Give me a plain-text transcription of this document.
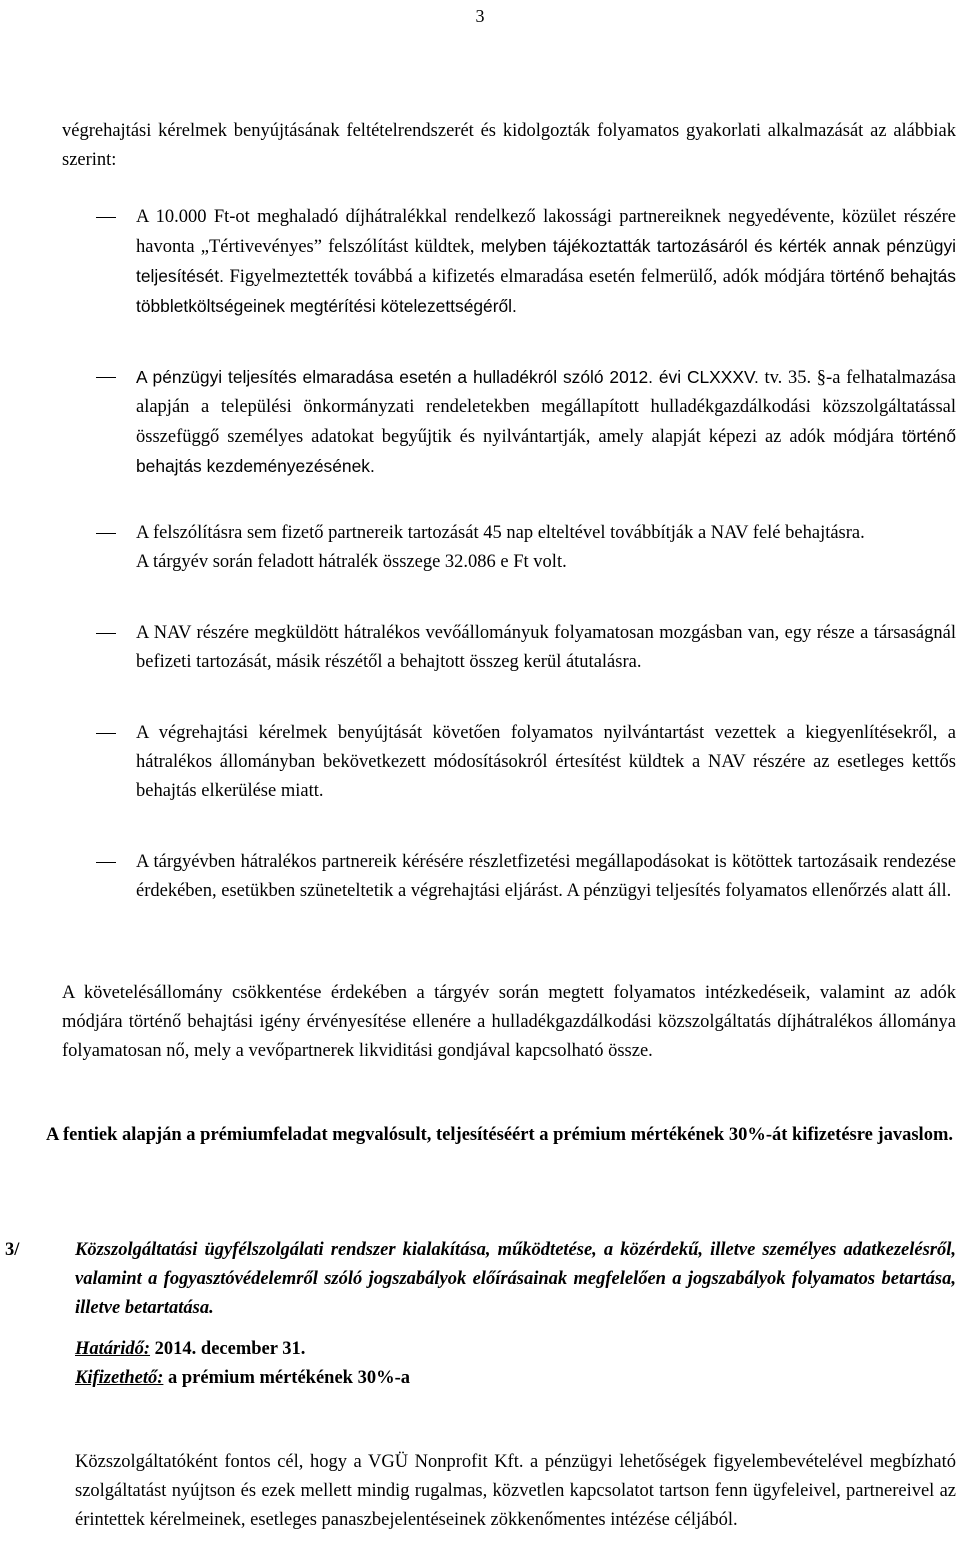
3
végrehajtási kérelmek benyújtásának feltételrendszerét és kidolgozták folyamatos gyakorlati alkalmazását az alábbiak szerint:
A 10.000 Ft-ot meghaladó díjhátralékkal rendelkező lakossági partnereiknek negyedévente, közület részére havonta „Tértivevényes” felszólítást küldtek, melyben tájékoztatták tartozásáról és kérték annak pénzügyi teljesítését. Figyelmeztették továbbá a kifizetés elmaradása esetén felmerülő, adók módjára történő behajtás többletköltségeinek megtérítési kötelezettségéről.
A pénzügyi teljesítés elmaradása esetén a hulladékról szóló 2012. évi CLXXXV. tv. 35. §-a felhatalmazása alapján a települési önkormányzati rendeletekben megállapított hulladékgazdálkodási közszolgáltatással összefüggő személyes adatokat begyűjtik és nyilvántartják, amely alapját képezi az adók módjára történő behajtás kezdeményezésének.
A felszólításra sem fizető partnereik tartozását 45 nap elteltével továbbítják a NAV felé behajtásra.
A tárgyév során feladott hátralék összege 32.086 e Ft volt.
A NAV részére megküldött hátralékos vevőállományuk folyamatosan mozgásban van, egy része a társaságnál befizeti tartozását, másik részétől a behajtott összeg kerül átutalásra.
A végrehajtási kérelmek benyújtását követően folyamatos nyilvántartást vezettek a kiegyenlítésekről, a hátralékos állományban bekövetkezett módosításokról értesítést küldtek a NAV részére az esetleges kettős behajtás elkerülése miatt.
A tárgyévben hátralékos partnereik kérésére részletfizetési megállapodásokat is kötöttek tartozásaik rendezése érdekében, esetükben szüneteltetik a végrehajtási eljárást. A pénzügyi teljesítés folyamatos ellenőrzés alatt áll.
A követelésállomány csökkentése érdekében a tárgyév során megtett folyamatos intézkedéseik, valamint az adók módjára történő behajtási igény érvényesítése ellenére a hulladékgazdálkodási közszolgáltatás díjhátralékos állománya folyamatosan nő, mely a vevőpartnerek likviditási gondjával kapcsolható össze.
A fentiek alapján a prémiumfeladat megvalósult, teljesítéséért a prémium mértékének 30%-át kifizetésre javaslom.
3/	Közszolgáltatási ügyfélszolgálati rendszer kialakítása, működtetése, a közérdekű, illetve személyes adatkezelésről, valamint a fogyasztóvédelemről szóló jogszabályok előírásainak megfelelően a jogszabályok folyamatos betartása, illetve betartatása.
Határidő: 2014. december 31.
Kifizethető: a prémium mértékének 30%-a
Közszolgáltatóként fontos cél, hogy a VGÜ Nonprofit Kft. a pénzügyi lehetőségek figyelembevételével megbízható szolgáltatást nyújtson és ezek mellett mindig rugalmas, közvetlen kapcsolatot tartson fenn ügyfeleivel, partnereivel az érintettek kérelmeinek, esetleges panaszbejelentéseinek zökkenőmentes intézése céljából.
